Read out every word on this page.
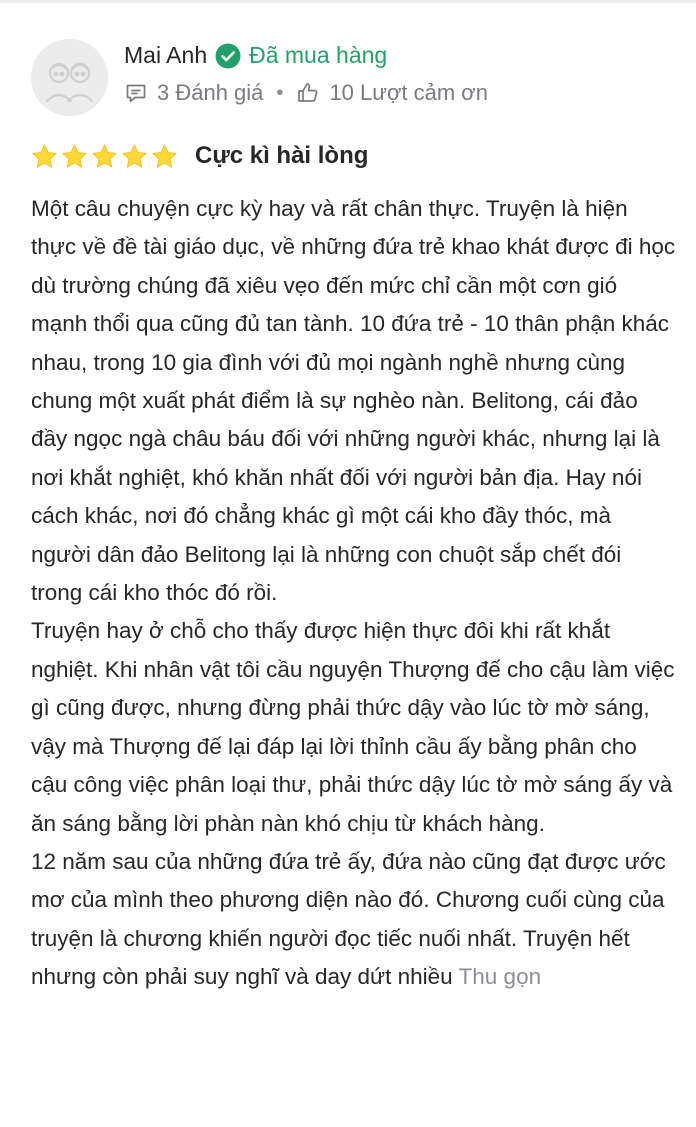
Mai Anh Đã mua hàng
3 Đánh giá • 10 Lượt cảm ơn
Cực kì hài lòng

Một câu chuyện cực kỳ hay và rất chân thực. Truyện là hiện thực về đề tài giáo dục, về những đứa trẻ khao khát được đi học dù trường chúng đã xiêu vẹo đến mức chỉ cần một cơn gió mạnh thổi qua cũng đủ tan tành. 10 đứa trẻ - 10 thân phận khác nhau, trong 10 gia đình với đủ mọi ngành nghề nhưng cùng chung một xuất phát điểm là sự nghèo nàn. Belitong, cái đảo đầy ngọc ngà châu báu đối với những người khác, nhưng lại là nơi khắt nghiệt, khó khăn nhất đối với người bản địa. Hay nói cách khác, nơi đó chẳng khác gì một cái kho đầy thóc, mà người dân đảo Belitong lại là những con chuột sắp chết đói trong cái kho thóc đó rồi.

Truyện hay ở chỗ cho thấy được hiện thực đôi khi rất khắt nghiệt. Khi nhân vật tôi cầu nguyện Thượng đế cho cậu làm việc gì cũng được, nhưng đừng phải thức dậy vào lúc tờ mờ sáng, vậy mà Thượng đế lại đáp lại lời thỉnh cầu ấy bằng phân cho cậu công việc phân loại thư, phải thức dậy lúc tờ mờ sáng ấy và ăn sáng bằng lời phàn nàn khó chịu từ khách hàng.

12 năm sau của những đứa trẻ ấy, đứa nào cũng đạt được ước mơ của mình theo phương diện nào đó. Chương cuối cùng của truyện là chương khiến người đọc tiếc nuối nhất. Truyện hết nhưng còn phải suy nghĩ và day dứt nhiều Thu gọn
